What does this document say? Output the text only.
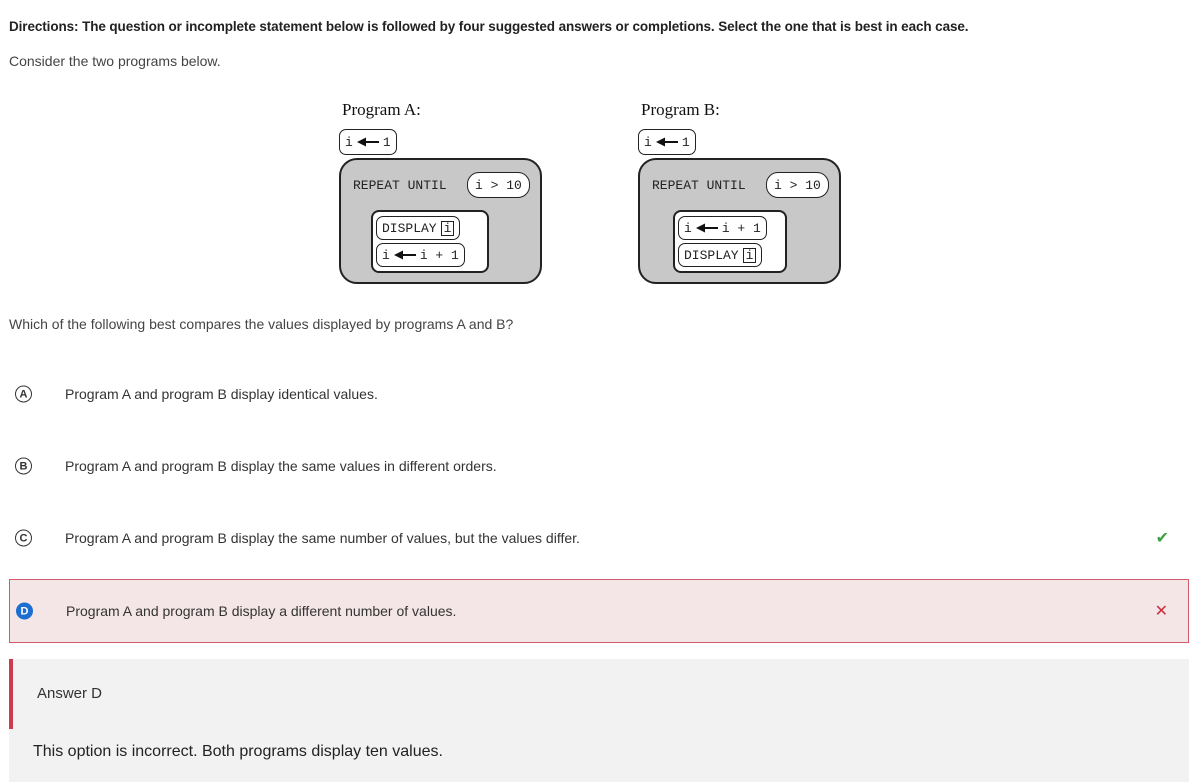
Directions: The question or incomplete statement below is followed by four suggested answers or completions. Select the one that is best in each case.
Consider the two programs below.
Program A:
i 1
REPEAT UNTIL	i > 10
DISPLAY i
i i + 1
Program B:
i 1
REPEAT UNTIL	i > 10
i i + 1
DISPLAY i
Which of the following best compares the values displayed by programs A and B?
A	Program A and program B display identical values.
B	Program A and program B display the same values in different orders.
C	Program A and program B display the same number of values, but the values differ.	✔
D	Program A and program B display a different number of values.	✕
Answer D
This option is incorrect. Both programs display ten values.
